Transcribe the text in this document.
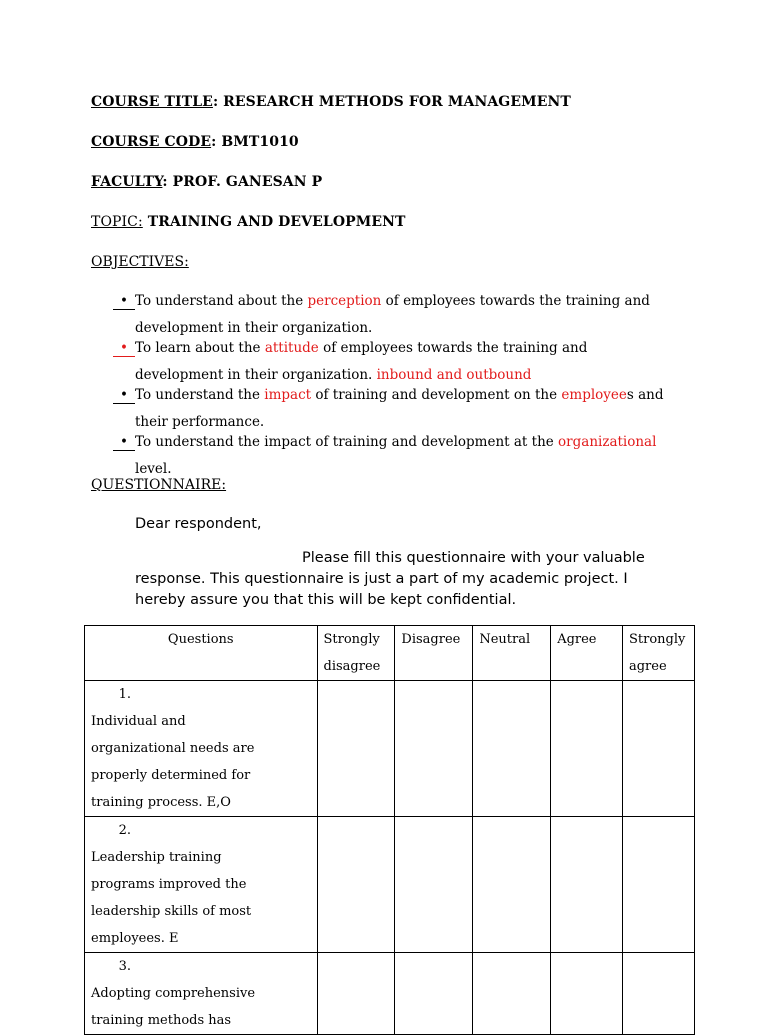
COURSE TITLE: RESEARCH METHODS FOR MANAGEMENT
COURSE CODE: BMT1010
FACULTY: PROF. GANESAN P
TOPIC: TRAINING AND DEVELOPMENT
OBJECTIVES:
• To understand about the perception of employees towards the training and development in their organization.
• To learn about the attitude of employees towards the training and development in their organization. inbound and outbound
• To understand the impact of training and development on the employees and their performance.
• To understand the impact of training and development at the organizational level.
QUESTIONNAIRE:
Dear respondent,
Please fill this questionnaire with your valuable
response. This questionnaire is just a part of my academic project. I
hereby assure you that this will be kept confidential.
Questions	Strongly disagree	Disagree	Neutral	Agree	Strongly agree
1.Individual and organizational needs are properly determined for training process. E,O					
2.Leadership training programs improved the leadership skills of most employees. E					
3.Adopting comprehensive training methods has					
